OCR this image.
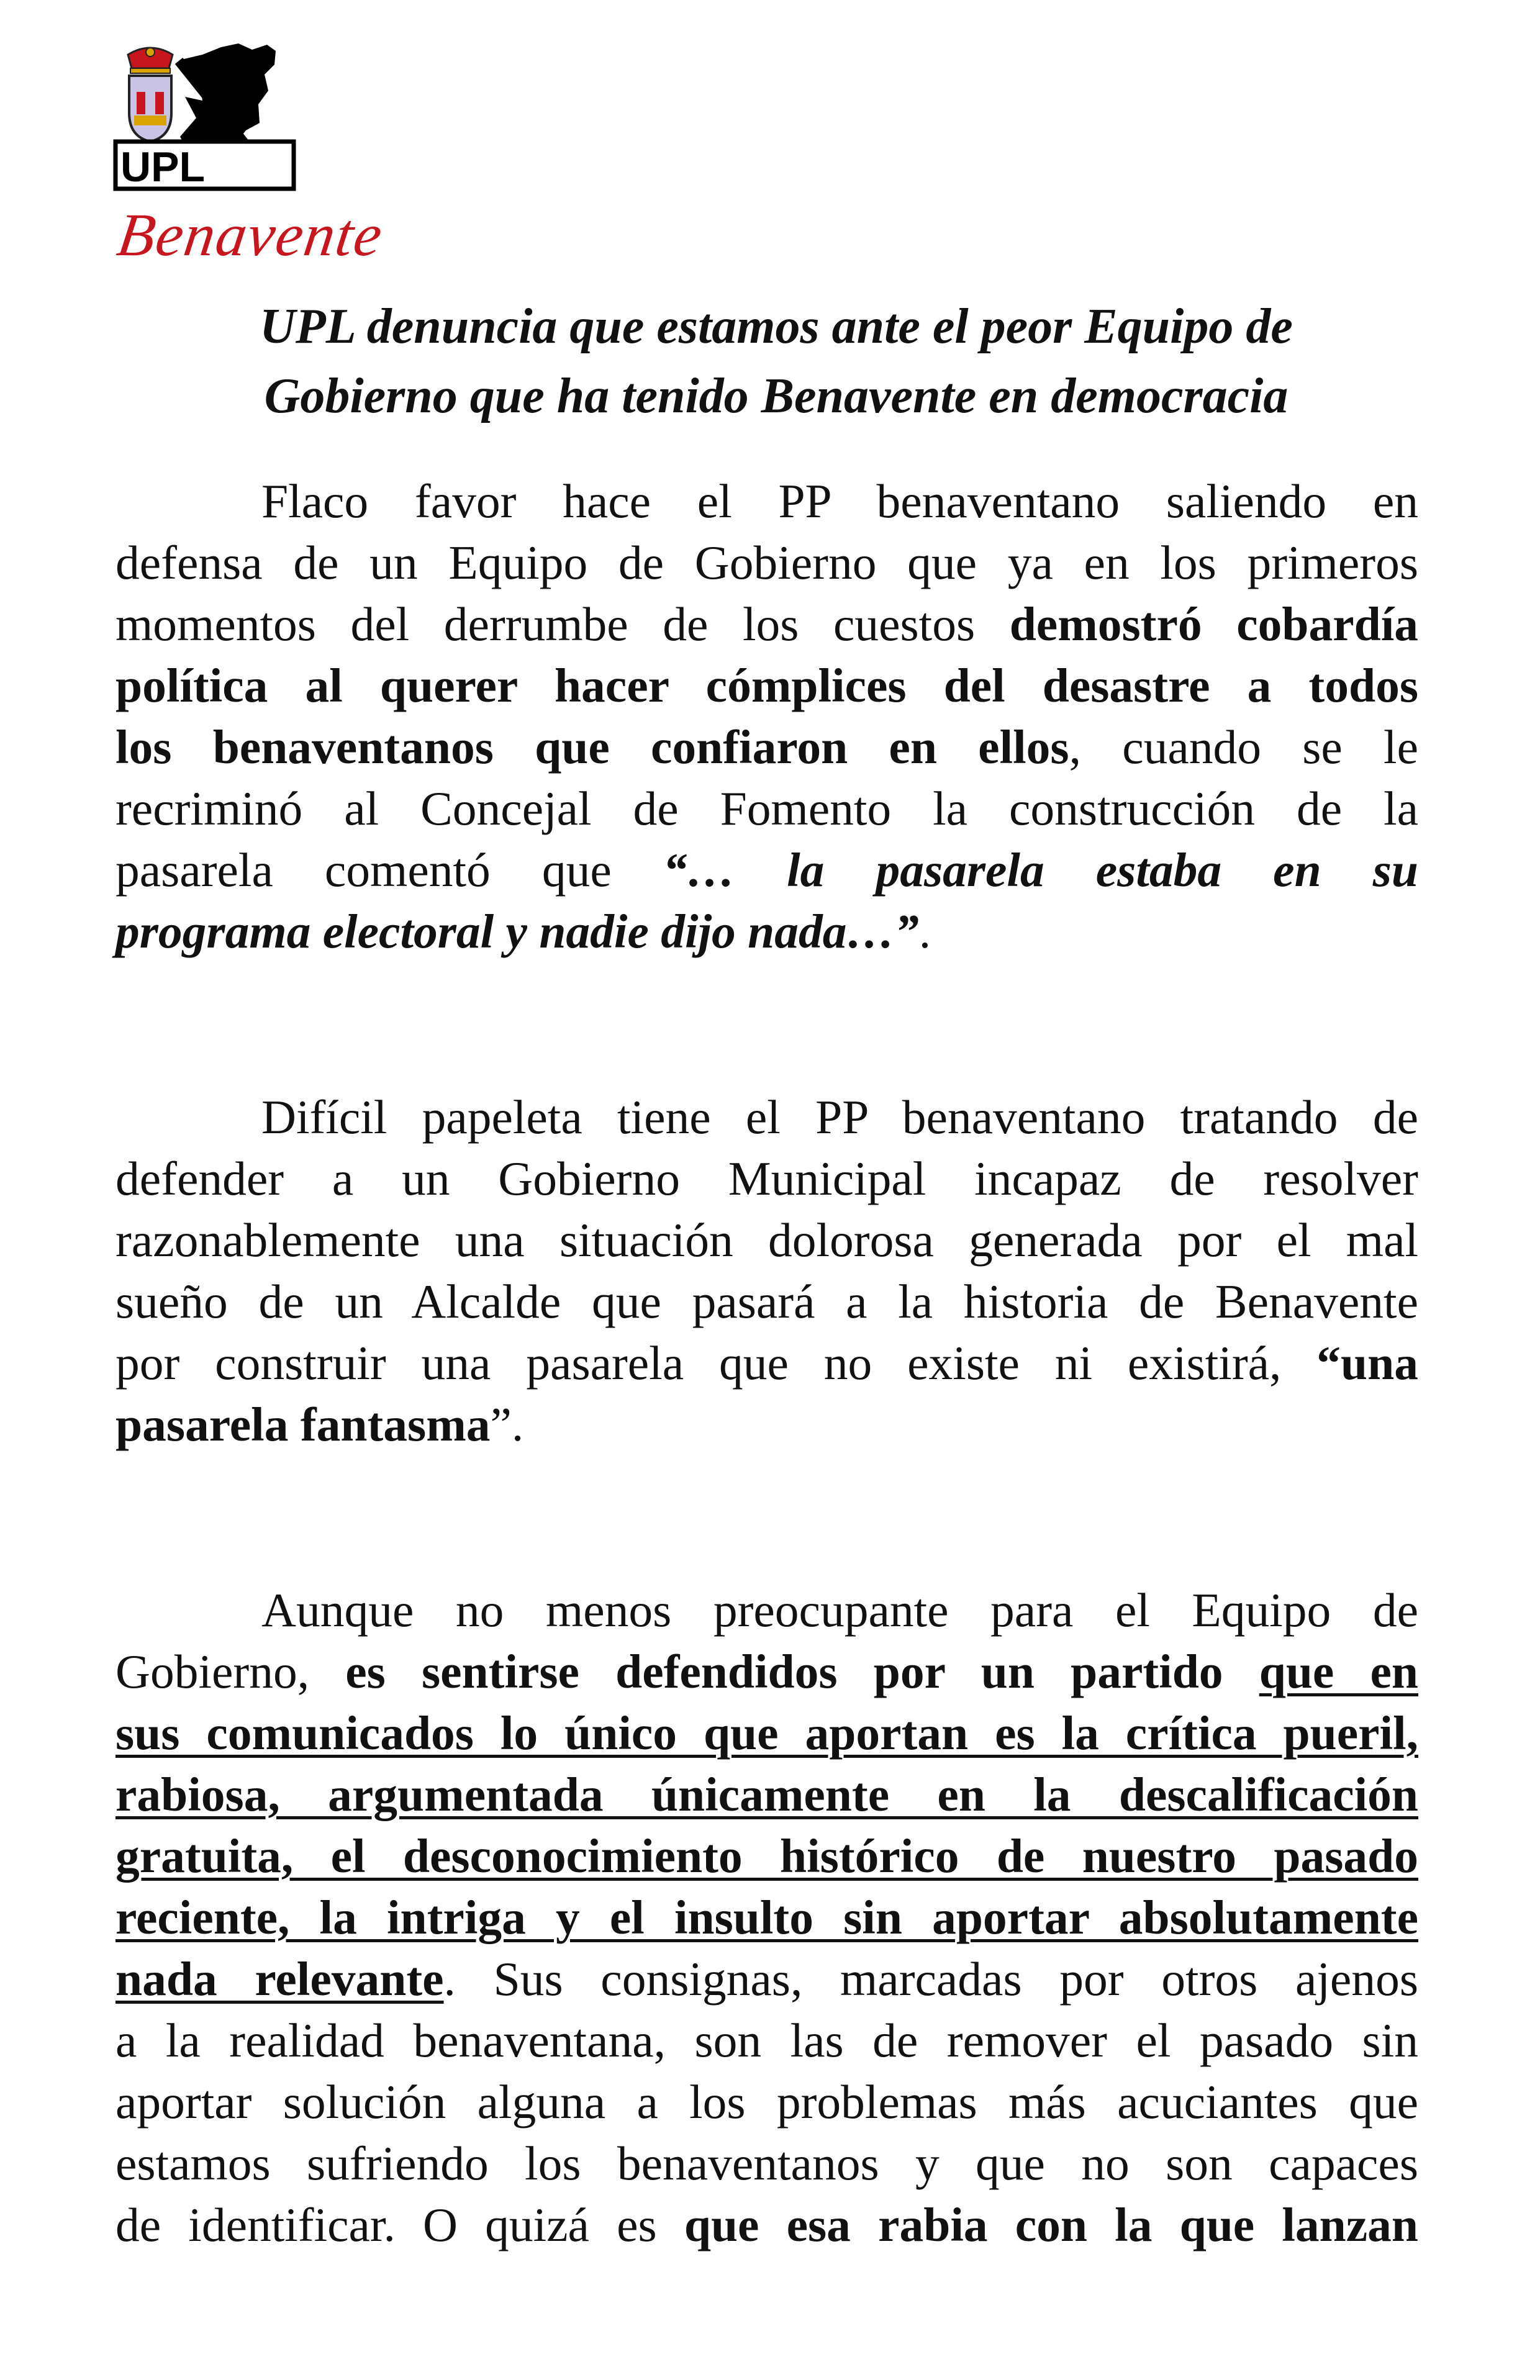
UPL
Benavente
UPL denuncia que estamos ante el peor Equipo de
Gobierno que ha tenido Benavente en democracia

Flaco favor hace el PP benaventano saliendo en
defensa de un Equipo de Gobierno que ya en los primeros
momentos del derrumbe de los cuestos demostró cobardía
política al querer hacer cómplices del desastre a todos
los benaventanos que confiaron en ellos, cuando se le
recriminó al Concejal de Fomento la construcción de la
pasarela comentó que “… la pasarela estaba en su
programa electoral y nadie dijo nada…”.

Difícil papeleta tiene el PP benaventano tratando de
defender a un Gobierno Municipal incapaz de resolver
razonablemente una situación dolorosa generada por el mal
sueño de un Alcalde que pasará a la historia de Benavente
por construir una pasarela que no existe ni existirá, “una
pasarela fantasma”.

Aunque no menos preocupante para el Equipo de
Gobierno, es sentirse defendidos por un partido que en
sus comunicados lo único que aportan es la crítica pueril,
rabiosa, argumentada únicamente en la descalificación
gratuita, el desconocimiento histórico de nuestro pasado
reciente, la intriga y el insulto sin aportar absolutamente
nada relevante. Sus consignas, marcadas por otros ajenos
a la realidad benaventana, son las de remover el pasado sin
aportar solución alguna a los problemas más acuciantes que
estamos sufriendo los benaventanos y que no son capaces
de identificar. O quizá es que esa rabia con la que lanzan
